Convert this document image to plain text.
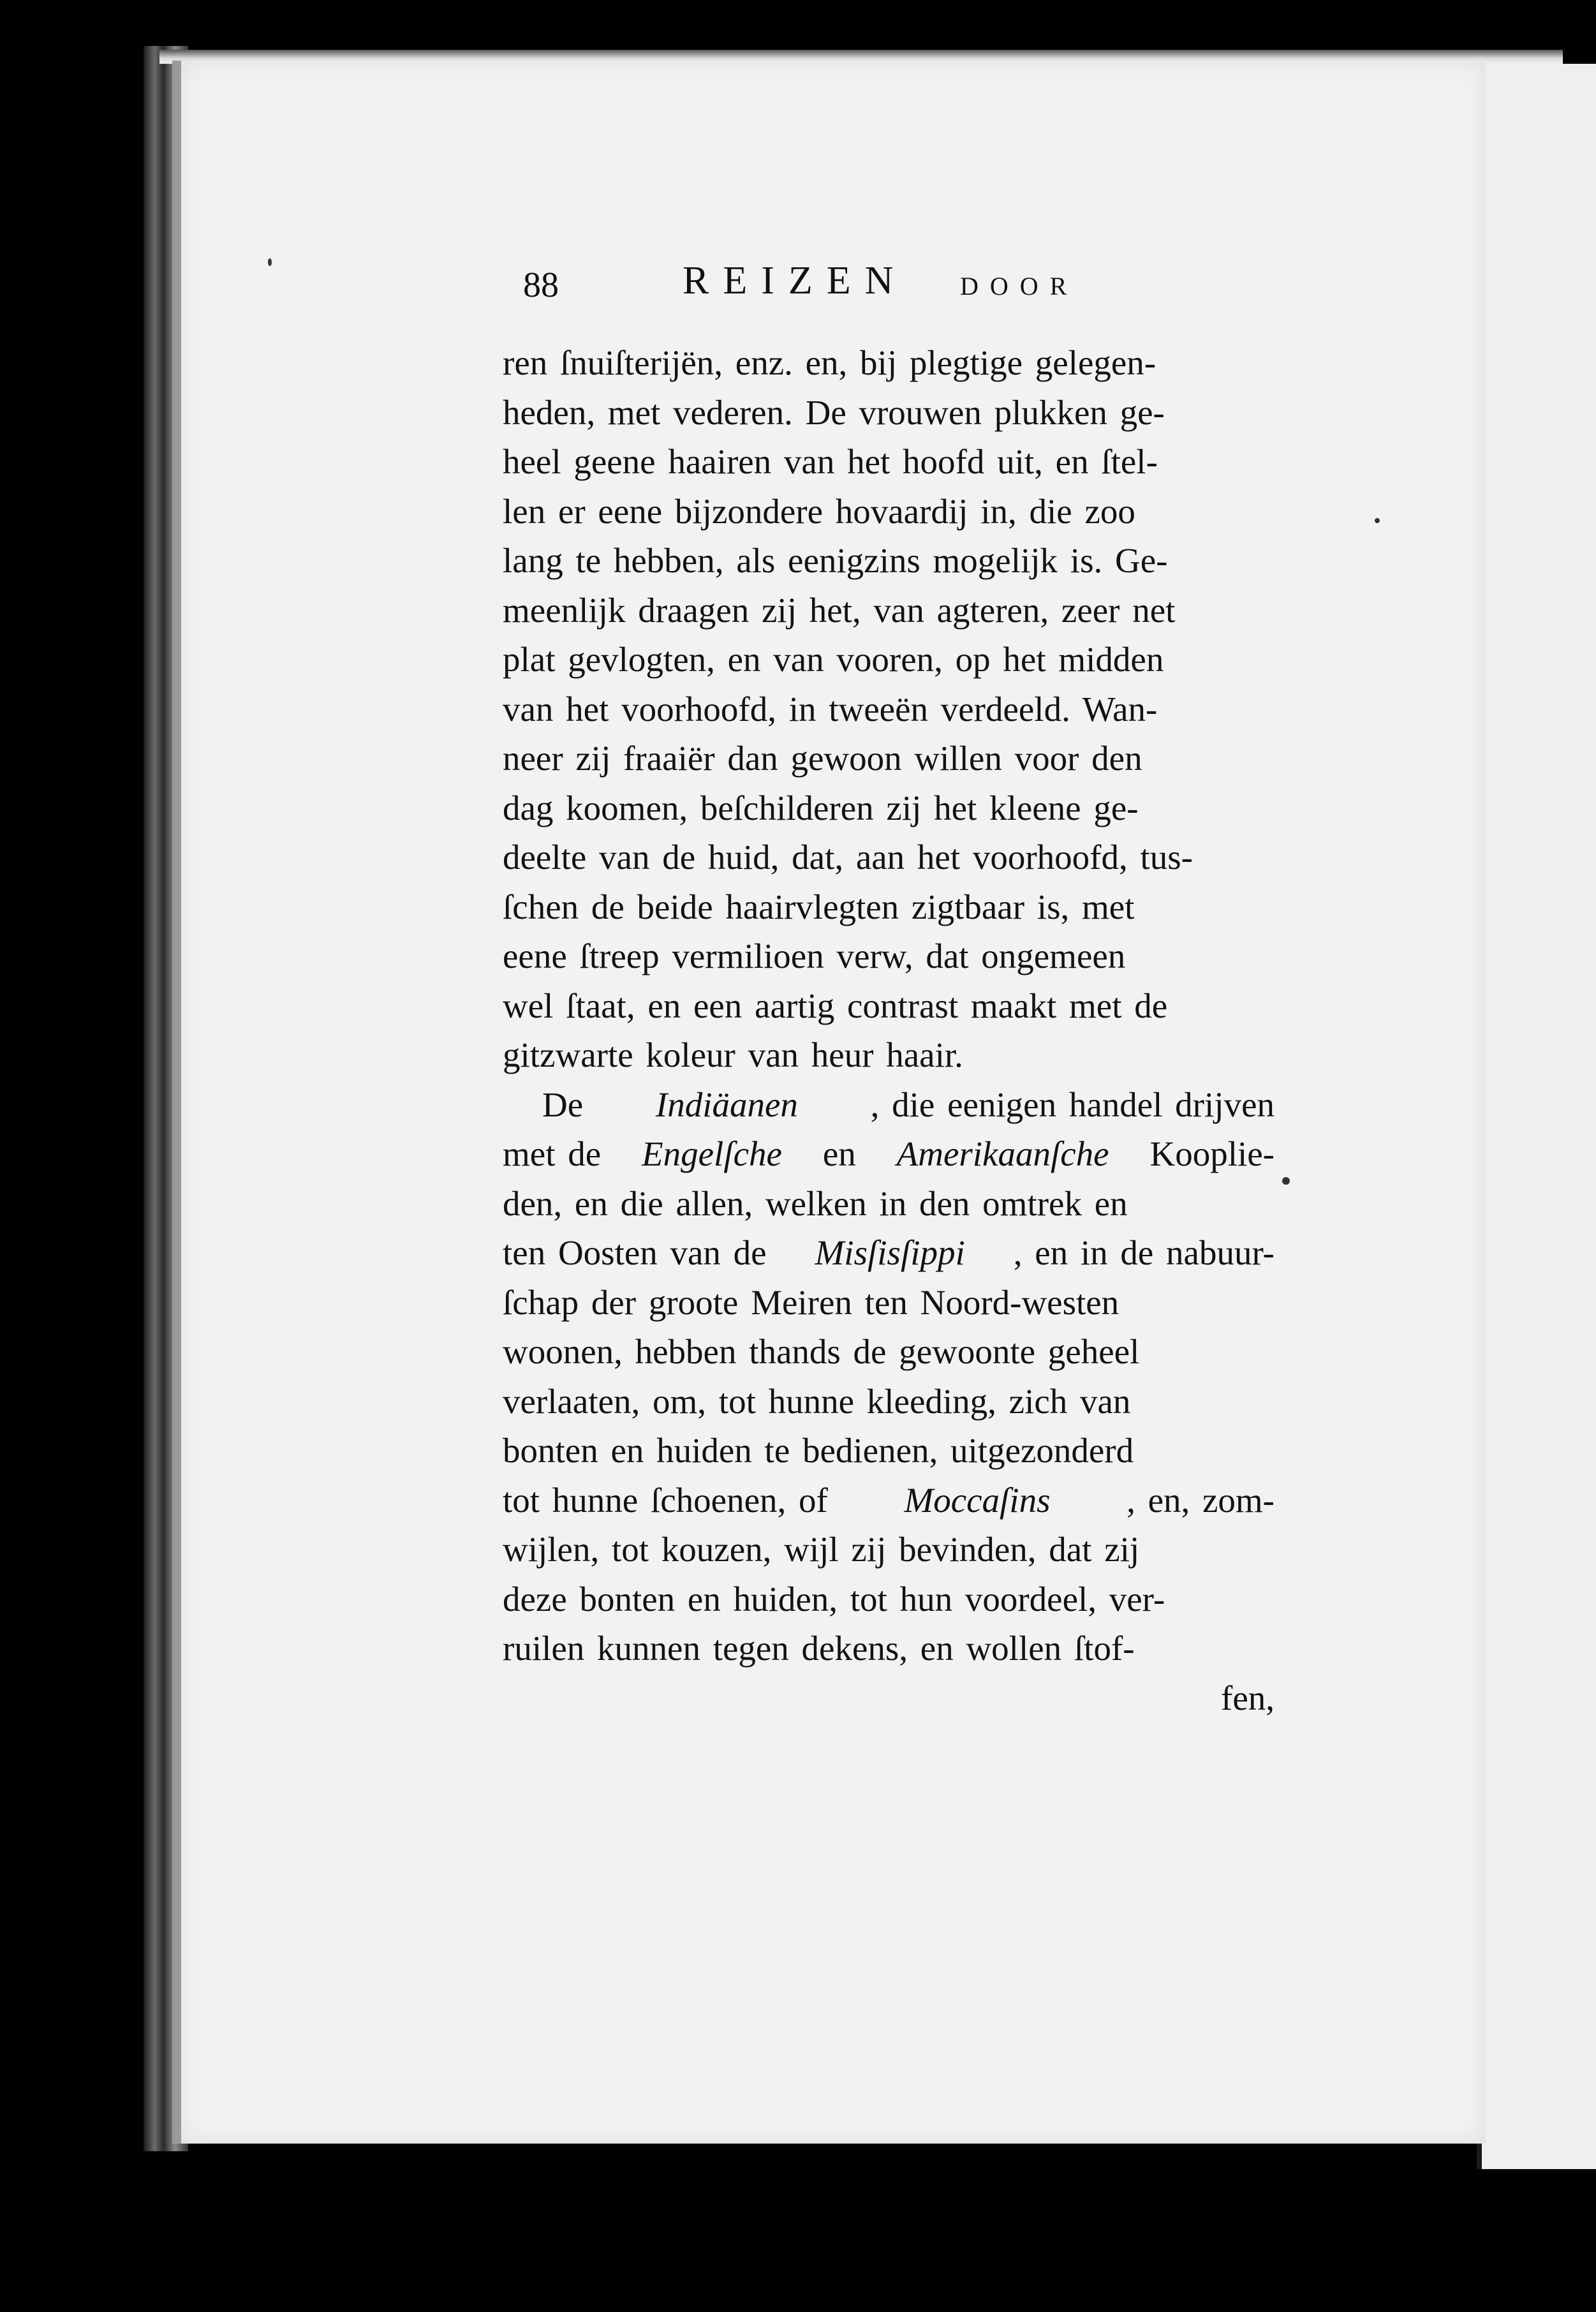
88	REIZEN DOOR
ren ſnuiſterijën, enz. en, bij plegtige gelegen-
heden, met vederen. De vrouwen plukken ge-
heel geene haairen van het hoofd uit, en ſtel-
len er eene bijzondere hovaardij in, die zoo
lang te hebben, als eenigzins mogelijk is. Ge-
meenlijk draagen zij het, van agteren, zeer net
plat gevlogten, en van vooren, op het midden
van het voorhoofd, in tweeën verdeeld. Wan-
neer zij fraaiër dan gewoon willen voor den
dag koomen, beſchilderen zij het kleene ge-
deelte van de huid, dat, aan het voorhoofd, tus-
ſchen de beide haairvlegten zigtbaar is, met
eene ſtreep vermilioen verw, dat ongemeen
wel ſtaat, en een aartig contrast maakt met de
gitzwarte koleur van heur haair.
De Indiäanen , die eenigen handel drijven
met de Engelſche en Amerikaanſche Kooplie-
den, en die allen, welken in den omtrek en
ten Oosten van de Misſisſippi , en in de nabuur-
ſchap der groote Meiren ten Noord-westen
woonen, hebben thands de gewoonte geheel
verlaaten, om, tot hunne kleeding, zich van
bonten en huiden te bedienen, uitgezonderd
tot hunne ſchoenen, of Moccaſins , en, zom-
wijlen, tot kouzen, wijl zij bevinden, dat zij
deze bonten en huiden, tot hun voordeel, ver-
ruilen kunnen tegen dekens, en wollen ſtof-
fen,
